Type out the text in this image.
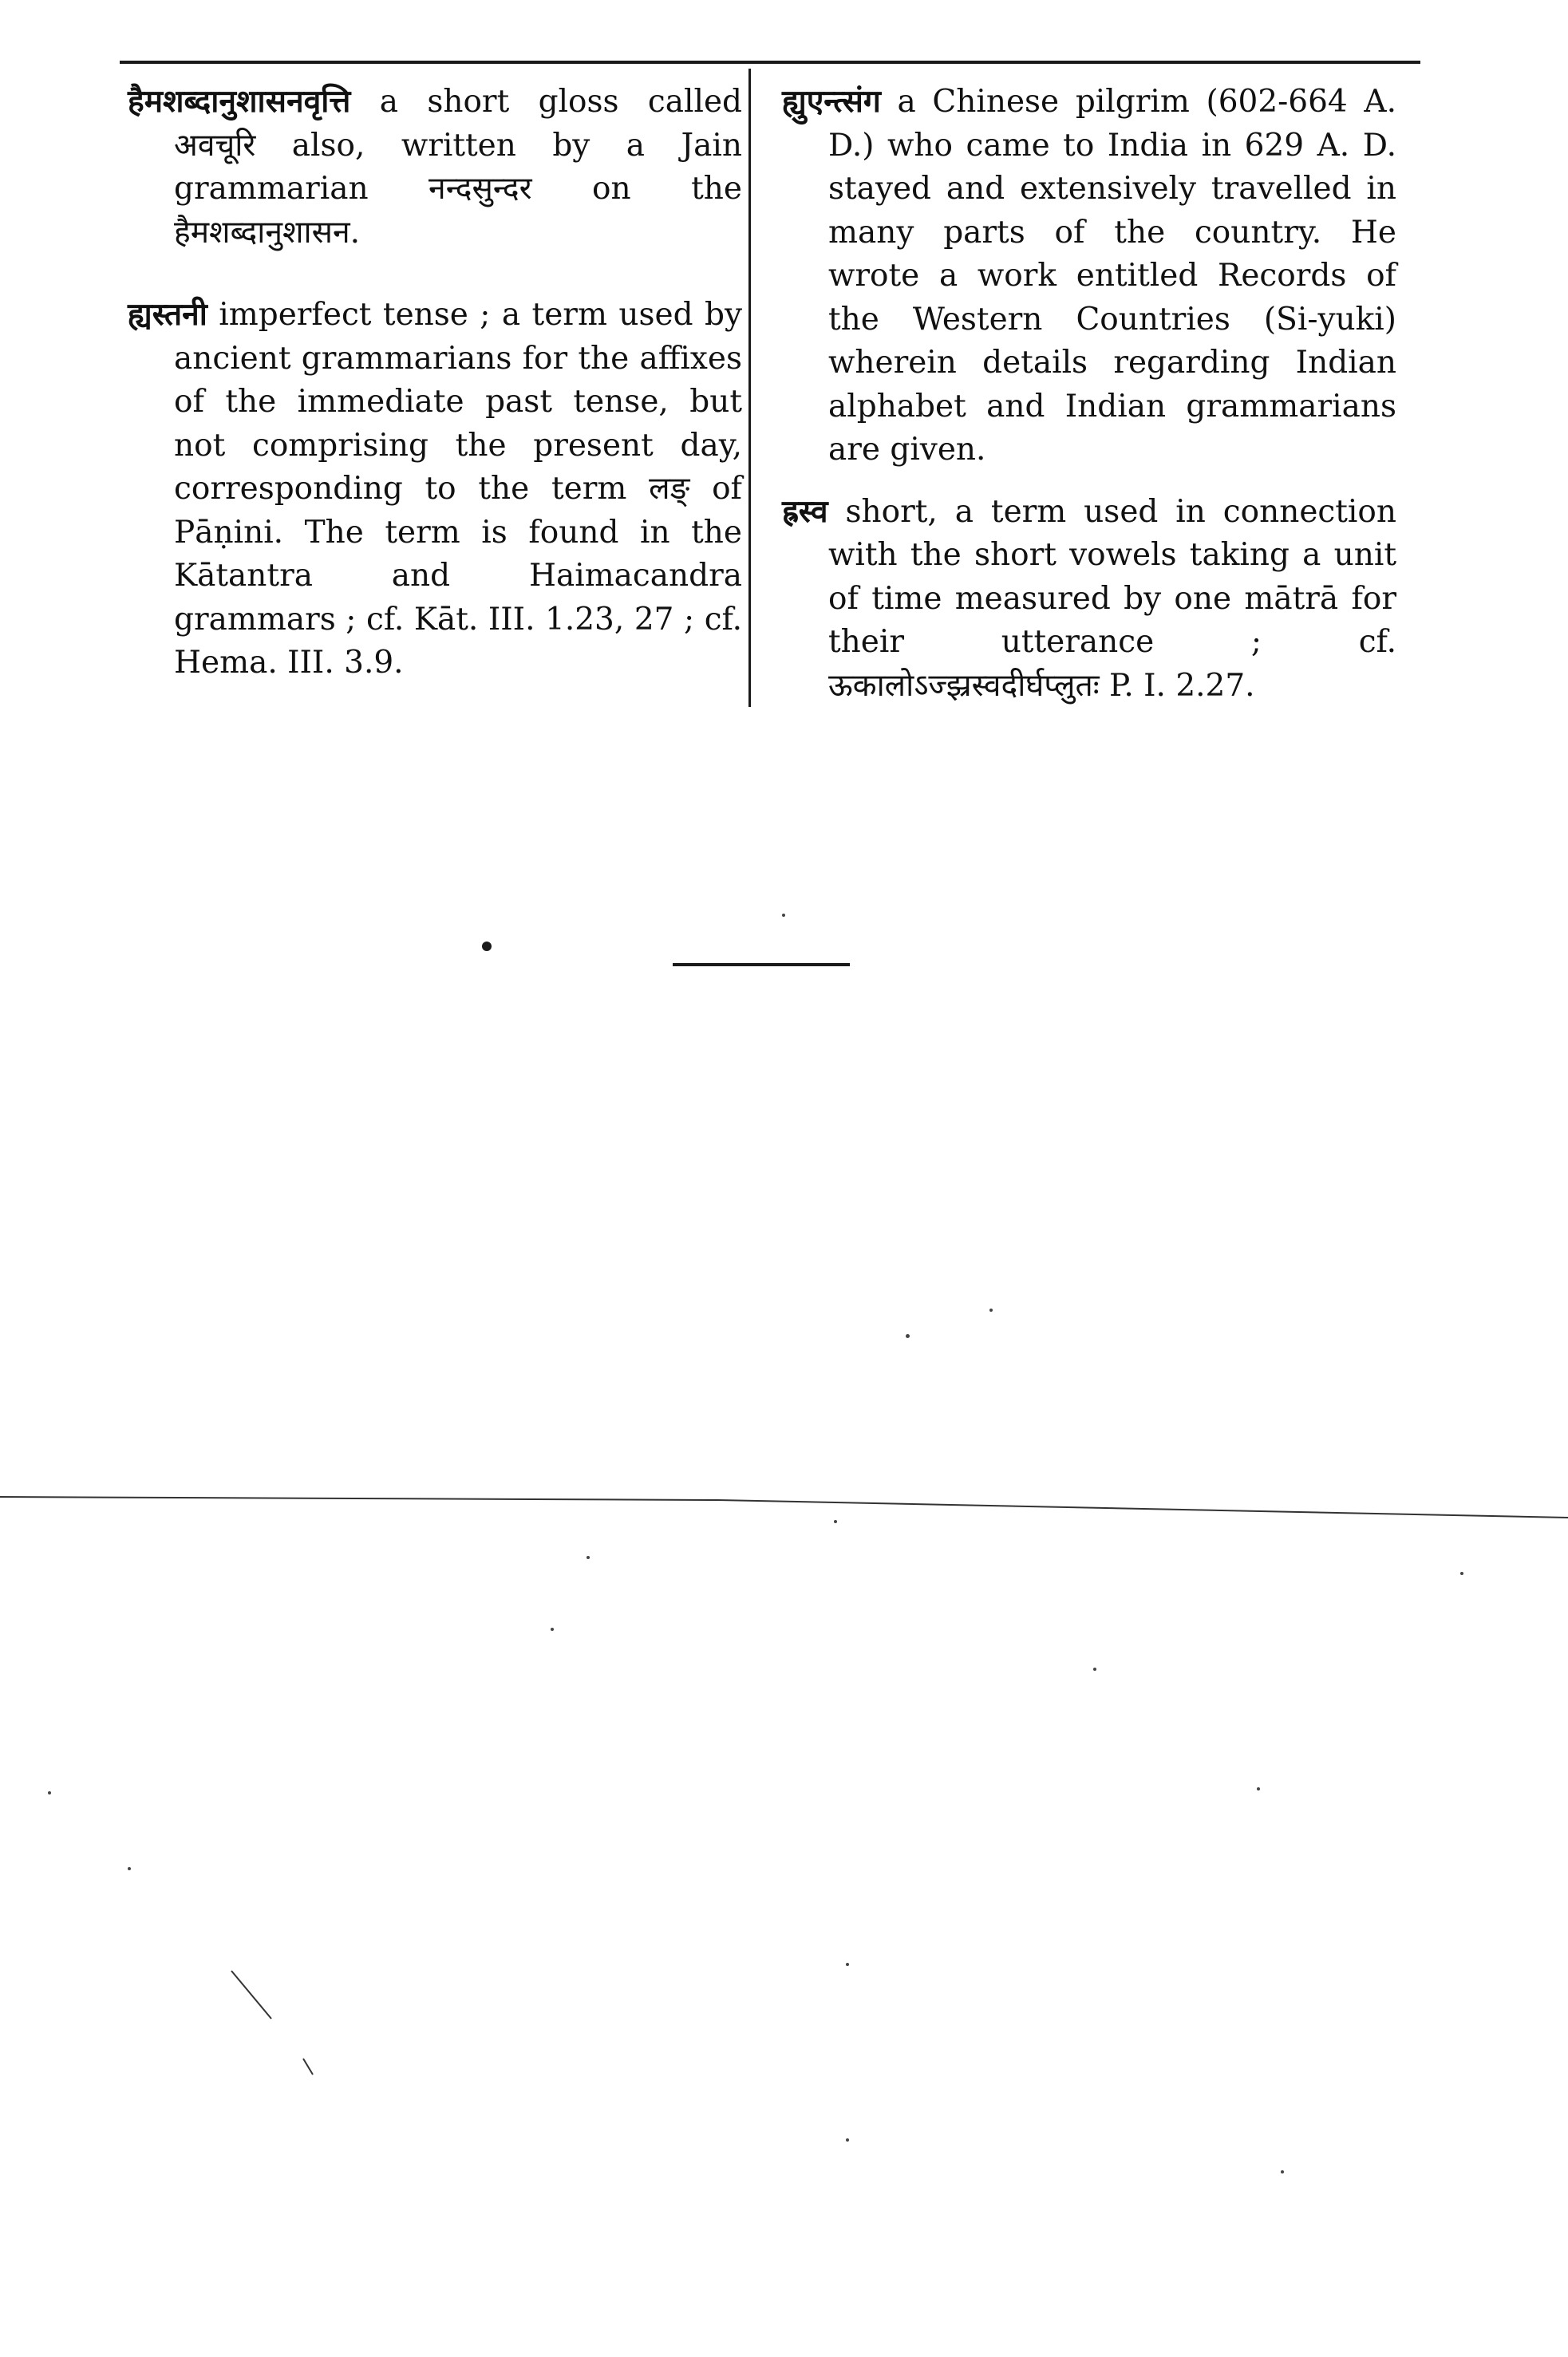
हैमशब्दानुशासनवृत्ति a short gloss called अवचूरि also, written by a Jain grammarian नन्दसुन्दर on the हैमशब्दानुशासन.

ह्यस्तनी imperfect tense ; a term used by ancient grammarians for the affixes of the immediate past tense, but not comprising the present day, corresponding to the term लङ् of Pāṇini. The term is found in the Kātantra and Haimacandra grammars ; cf. Kāt. III. 1.23, 27 ; cf. Hema. III. 3.9.

ह्युएन्त्संग a Chinese pilgrim (602-664 A. D.) who came to India in 629 A. D. stayed and extensively travelled in many parts of the country. He wrote a work entitled Records of the Western Countries (Si-yuki) wherein details regarding Indian alphabet and Indian grammarians are given.

ह्रस्व short, a term used in connection with the short vowels taking a unit of time measured by one mātrā for their utterance ; cf. ऊकालोऽज्झ्रस्वदीर्घप्लुतः P. I. 2.27.
